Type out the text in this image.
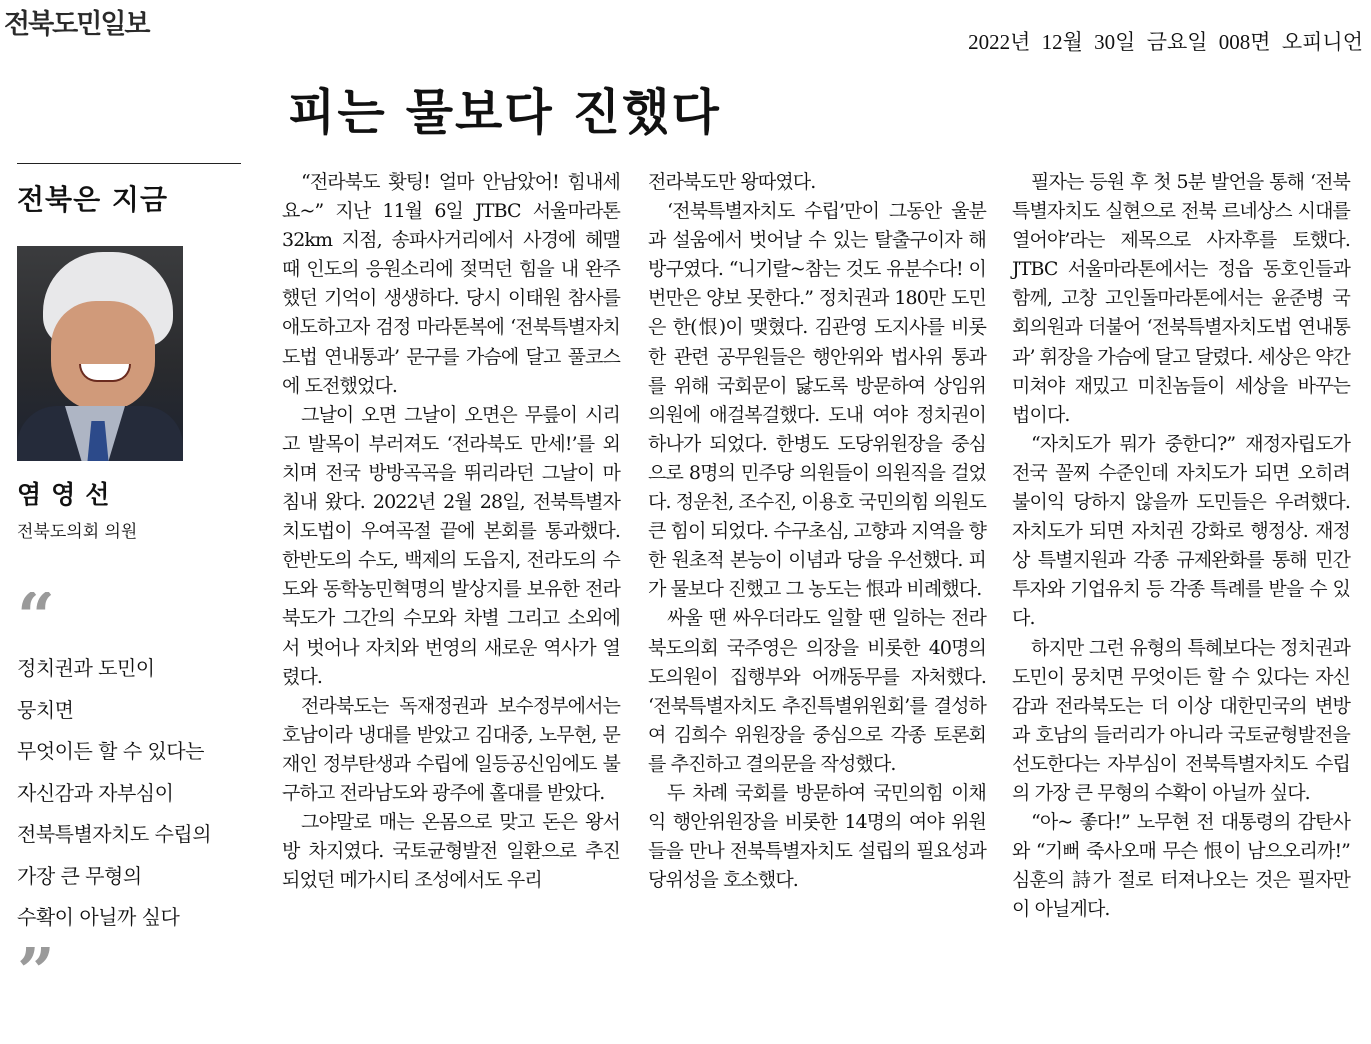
전북도민일보
2022년 12월 30일 금요일 008면 오피니언
피는 물보다 진했다
전북은 지금
염영선
전북도의회 의원
“
정치권과 도민이
뭉치면
무엇이든 할 수 있다는
자신감과 자부심이
전북특별자치도 수립의
가장 큰 무형의
수확이 아닐까 싶다
”

“전라북도 홧팅! 얼마 안남았어! 힘내세요~” 지난 11월 6일 JTBC 서울마라톤 32km 지점, 송파사거리에서 사경에 헤맬 때 인도의 응원소리에 젖먹던 힘을 내 완주했던 기억이 생생하다. 당시 이태원 참사를 애도하고자 검정 마라톤복에 ‘전북특별자치도법 연내통과’ 문구를 가슴에 달고 풀코스에 도전했었다.

그날이 오면 그날이 오면은 무릎이 시리고 발목이 부러져도 ‘전라북도 만세!’를 외치며 전국 방방곡곡을 뛰리라던 그날이 마침내 왔다. 2022년 2월 28일, 전북특별자치도법이 우여곡절 끝에 본회를 통과했다. 한반도의 수도, 백제의 도읍지, 전라도의 수도와 동학농민혁명의 발상지를 보유한 전라북도가 그간의 수모와 차별 그리고 소외에서 벗어나 자치와 번영의 새로운 역사가 열렸다.

전라북도는 독재정권과 보수정부에서는 호남이라 냉대를 받았고 김대중, 노무현, 문재인 정부탄생과 수립에 일등공신임에도 불구하고 전라남도와 광주에 홀대를 받았다.

그야말로 매는 온몸으로 맞고 돈은 왕서방 차지였다. 국토균형발전 일환으로 추진되었던 메가시티 조성에서도 우리

전라북도만 왕따였다.

‘전북특별자치도 수립’만이 그동안 울분과 설움에서 벗어날 수 있는 탈출구이자 해방구였다. “니기랄~참는 것도 유분수다! 이번만은 양보 못한다.” 정치권과 180만 도민은 한(恨)이 맺혔다. 김관영 도지사를 비롯한 관련 공무원들은 행안위와 법사위 통과를 위해 국회문이 닳도록 방문하여 상임위 의원에 애걸복걸했다. 도내 여야 정치권이 하나가 되었다. 한병도 도당위원장을 중심으로 8명의 민주당 의원들이 의원직을 걸었다. 정운천, 조수진, 이용호 국민의힘 의원도 큰 힘이 되었다. 수구초심, 고향과 지역을 향한 원초적 본능이 이념과 당을 우선했다. 피가 물보다 진했고 그 농도는 恨과 비례했다.

싸울 땐 싸우더라도 일할 땐 일하는 전라북도의회 국주영은 의장을 비롯한 40명의 도의원이 집행부와 어깨동무를 자처했다. ‘전북특별자치도 추진특별위원회’를 결성하여 김희수 위원장을 중심으로 각종 토론회를 추진하고 결의문을 작성했다.

두 차례 국회를 방문하여 국민의힘 이채익 행안위원장을 비롯한 14명의 여야 위원들을 만나 전북특별자치도 설립의 필요성과 당위성을 호소했다.

필자는 등원 후 첫 5분 발언을 통해 ‘전북특별자치도 실현으로 전북 르네상스 시대를 열어야’라는 제목으로 사자후를 토했다. JTBC 서울마라톤에서는 정읍 동호인들과 함께, 고창 고인돌마라톤에서는 윤준병 국회의원과 더불어 ‘전북특별자치도법 연내통과’ 휘장을 가슴에 달고 달렸다. 세상은 약간 미쳐야 재밌고 미친놈들이 세상을 바꾸는 법이다.

“자치도가 뭐가 중한디?” 재정자립도가 전국 꼴찌 수준인데 자치도가 되면 오히려 불이익 당하지 않을까 도민들은 우려했다. 자치도가 되면 자치권 강화로 행정상. 재정상 특별지원과 각종 규제완화를 통해 민간투자와 기업유치 등 각종 특례를 받을 수 있다.

하지만 그런 유형의 특혜보다는 정치권과 도민이 뭉치면 무엇이든 할 수 있다는 자신감과 전라북도는 더 이상 대한민국의 변방과 호남의 들러리가 아니라 국토균형발전을 선도한다는 자부심이 전북특별자치도 수립의 가장 큰 무형의 수확이 아닐까 싶다.

“아~ 좋다!” 노무현 전 대통령의 감탄사와 “기뻐 죽사오매 무슨 恨이 남으오리까!” 심훈의 詩가 절로 터져나오는 것은 필자만이 아닐게다.
